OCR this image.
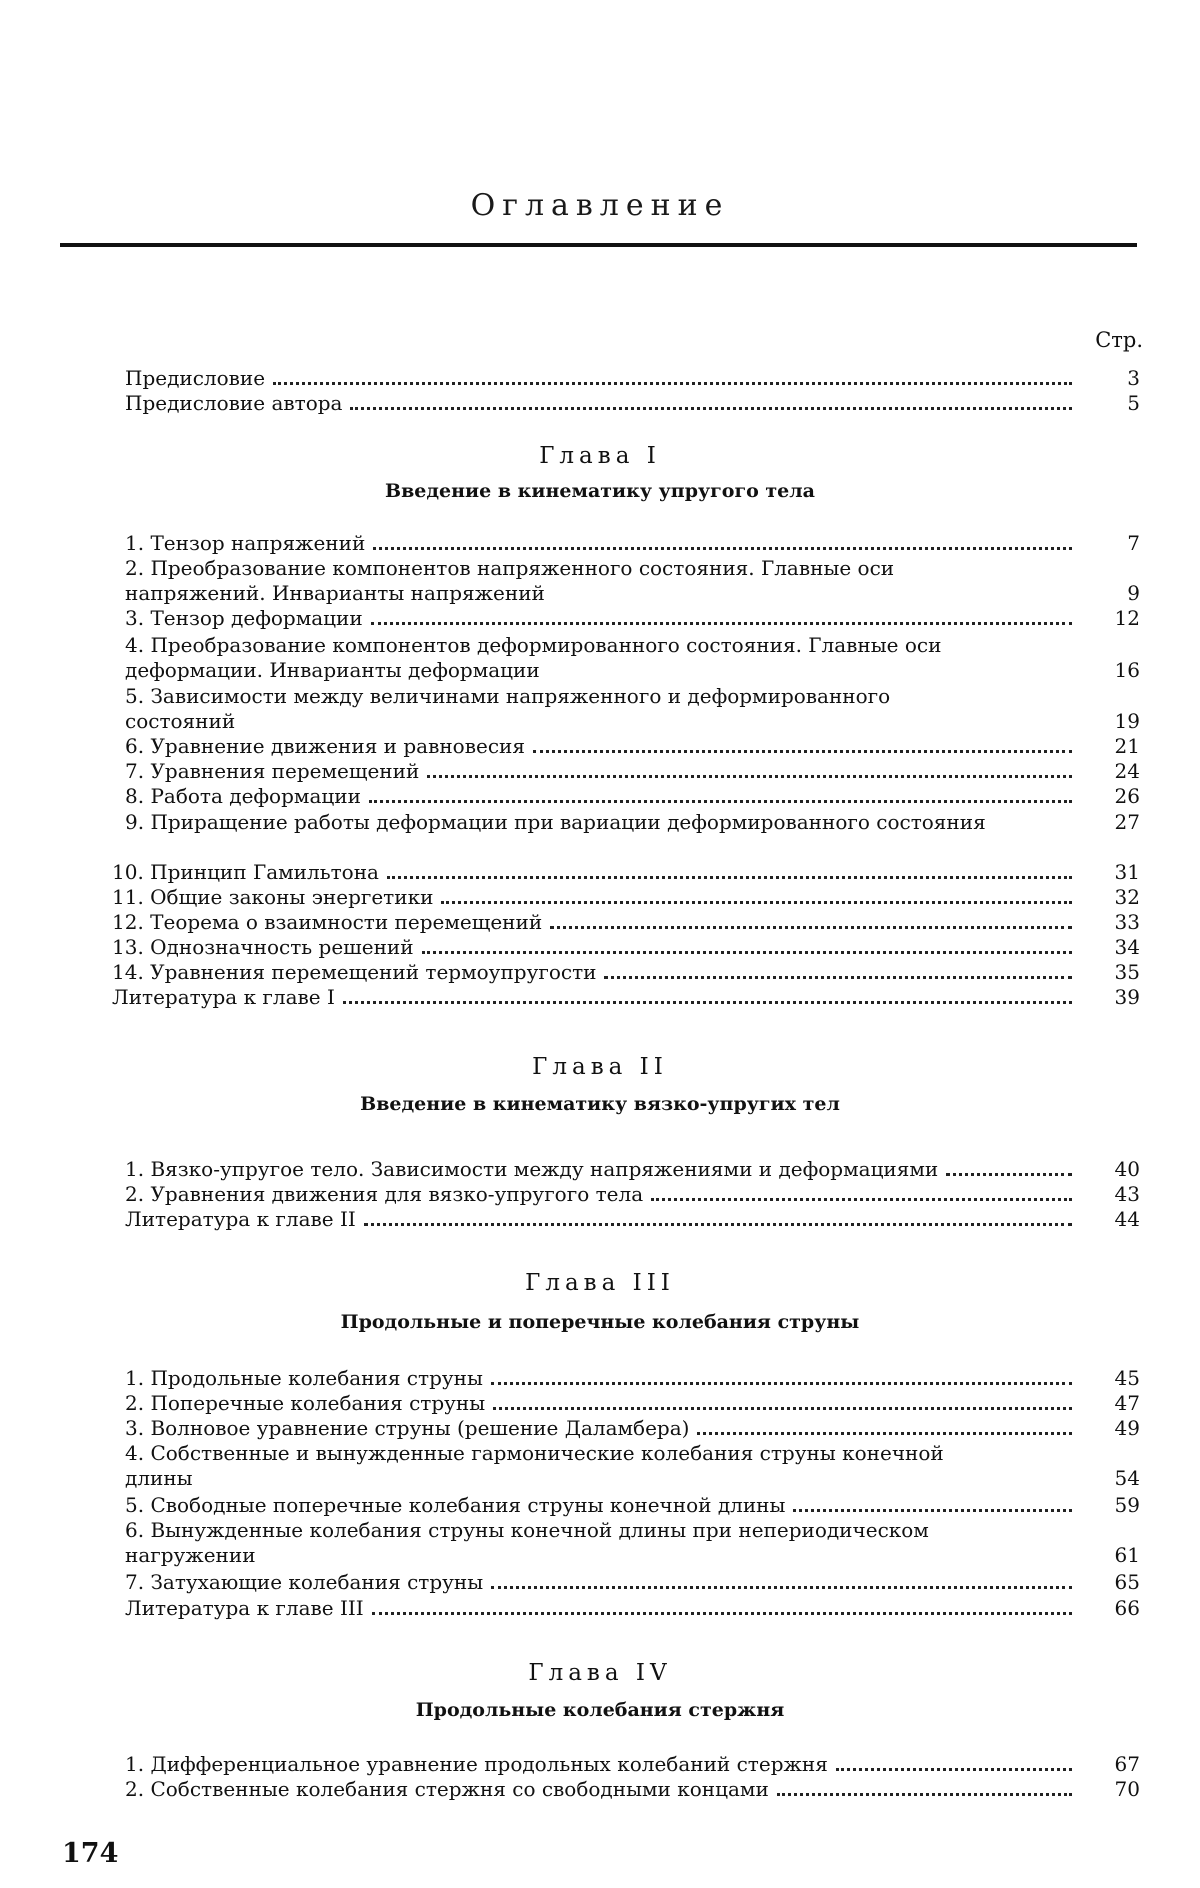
Оглавление
Стр.
Предисловие	3
Предисловие автора	5
Глава I
Введение в кинематику упругого тела
1. Тензор напряжений	7
2. Преобразование компонентов напряженного состояния. Главные оси напряжений. Инварианты напряжений	9
3. Тензор деформации	12
4. Преобразование компонентов деформированного состояния. Главные оси деформации. Инварианты деформации	16
5. Зависимости между величинами напряженного и деформированного состояний	19
6. Уравнение движения и равновесия	21
7. Уравнения перемещений	24
8. Работа деформации	26
9. Приращение работы деформации при вариации деформированного состояния	27
10. Принцип Гамильтона	31
11. Общие законы энергетики	32
12. Теорема о взаимности перемещений	33
13. Однозначность решений	34
14. Уравнения перемещений термоупругости	35
Литература к главе I	39
Глава II
Введение в кинематику вязко-упругих тел
1. Вязко-упругое тело. Зависимости между напряжениями и деформациями	40
2. Уравнения движения для вязко-упругого тела	43
Литература к главе II	44
Глава III
Продольные и поперечные колебания струны
1. Продольные колебания струны	45
2. Поперечные колебания струны	47
3. Волновое уравнение струны (решение Даламбера)	49
4. Собственные и вынужденные гармонические колебания струны конечной длины	54
5. Свободные поперечные колебания струны конечной длины	59
6. Вынужденные колебания струны конечной длины при непериодическом нагружении	61
7. Затухающие колебания струны	65
Литература к главе III	66
Глава IV
Продольные колебания стержня
1. Дифференциальное уравнение продольных колебаний стержня	67
2. Собственные колебания стержня со свободными концами	70
174
